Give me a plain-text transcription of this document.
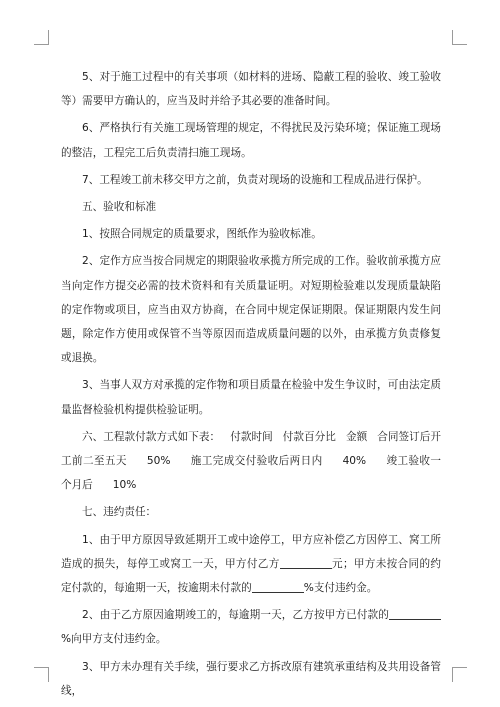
5、对于施工过程中的有关事项（如材料的进场、隐蔽工程的验收、竣工验收等）需要甲方确认的，应当及时并给予其必要的准备时间。

6、严格执行有关施工现场管理的规定，不得扰民及污染环境；保证施工现场的整洁，工程完工后负责清扫施工现场。

7、工程竣工前未移交甲方之前，负责对现场的设施和工程成品进行保护。

五、验收和标准

1、按照合同规定的质量要求，图纸作为验收标准。

2、定作方应当按合同规定的期限验收承揽方所完成的工作。验收前承揽方应当向定作方提交必需的技术资料和有关质量证明。对短期检验难以发现质量缺陷的定作物或项目，应当由双方协商，在合同中规定保证期限。保证期限内发生问题，除定作方使用或保管不当等原因而造成质量问题的以外，由承揽方负责修复或退换。

3、当事人双方对承揽的定作物和项目质量在检验中发生争议时，可由法定质量监督检验机构提供检验证明。

六、工程款付款方式如下表： 付款时间 付款百分比 金额 合同签订后开工前二至五天 50% 施工完成交付验收后两日内 40% 竣工验收一个月后 10%

七、违约责任：

1、由于甲方原因导致延期开工或中途停工，甲方应补偿乙方因停工、窝工所造成的损失，每停工或窝工一天，甲方付乙方	元；甲方未按合同的约定付款的，每逾期一天，按逾期未付款的	%支付违约金。

2、由于乙方原因逾期竣工的，每逾期一天，乙方按甲方已付款的%向甲方支付违约金。

3、甲方未办理有关手续，强行要求乙方拆改原有建筑承重结构及共用设备管线，
